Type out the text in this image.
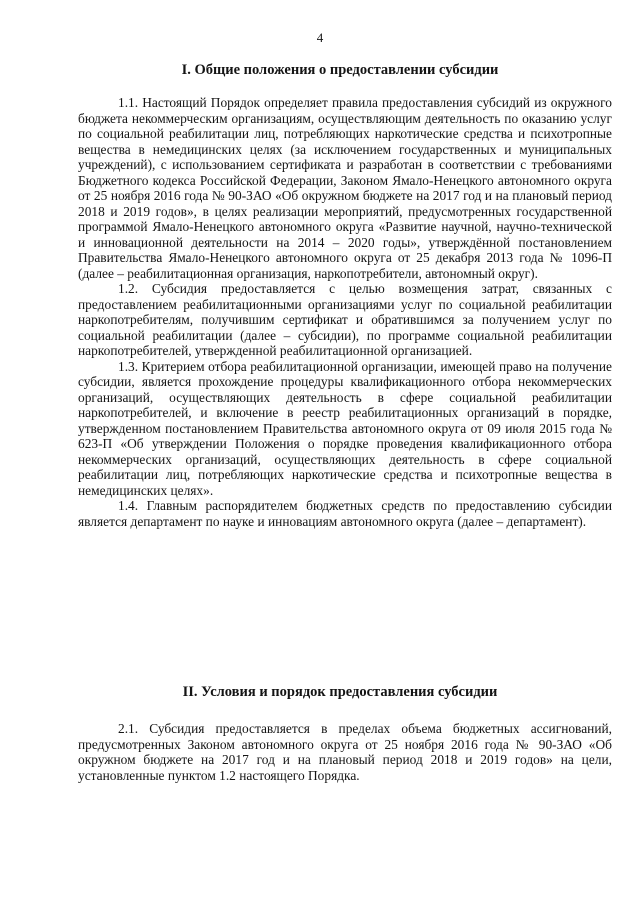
4
I. Общие положения о предоставлении субсидии

1.1. Настоящий Порядок определяет правила предоставления субсидий из окружного бюджета некоммерческим организациям, осуществляющим деятельность по оказанию услуг по социальной реабилитации лиц, потребляющих наркотические средства и психотропные вещества в немедицинских целях (за исключением государственных и муниципальных учреждений), с использованием сертификата и разработан в соответствии с требованиями Бюджетного кодекса Российской Федерации, Законом Ямало-Ненецкого автономного округа от 25 ноября 2016 года № 90-ЗАО «Об окружном бюджете на 2017 год и на плановый период 2018 и 2019 годов», в целях реализации мероприятий, предусмотренных государственной программой Ямало-Ненецкого автономного округа «Развитие научной, научно-технической и инновационной деятельности на 2014 – 2020 годы», утверждённой постановлением Правительства Ямало-Ненецкого автономного округа от 25 декабря 2013 года № 1096-П (далее – реабилитационная организация, наркопотребители, автономный округ).

1.2. Субсидия предоставляется с целью возмещения затрат, связанных с предоставлением реабилитационными организациями услуг по социальной реабилитации наркопотребителям, получившим сертификат и обратившимся за получением услуг по социальной реабилитации (далее – субсидии), по программе социальной реабилитации наркопотребителей, утвержденной реабилитационной организацией.

1.3. Критерием отбора реабилитационной организации, имеющей право на получение субсидии, является прохождение процедуры квалификационного отбора некоммерческих организаций, осуществляющих деятельность в сфере социальной реабилитации наркопотребителей, и включение в реестр реабилитационных организаций в порядке, утвержденном постановлением Правительства автономного округа от 09 июля 2015 года № 623-П «Об утверждении Положения о порядке проведения квалификационного отбора некоммерческих организаций, осуществляющих деятельность в сфере социальной реабилитации лиц, потребляющих наркотические средства и психотропные вещества в немедицинских целях».

1.4. Главным распорядителем бюджетных средств по предоставлению субсидии является департамент по науке и инновациям автономного округа (далее – департамент).

II. Условия и порядок предоставления субсидии

2.1. Субсидия предоставляется в пределах объема бюджетных ассигнований, предусмотренных Законом автономного округа от 25 ноября 2016 года № 90-ЗАО «Об окружном бюджете на 2017 год и на плановый период 2018 и 2019 годов» на цели, установленные пунктом 1.2 настоящего Порядка.
